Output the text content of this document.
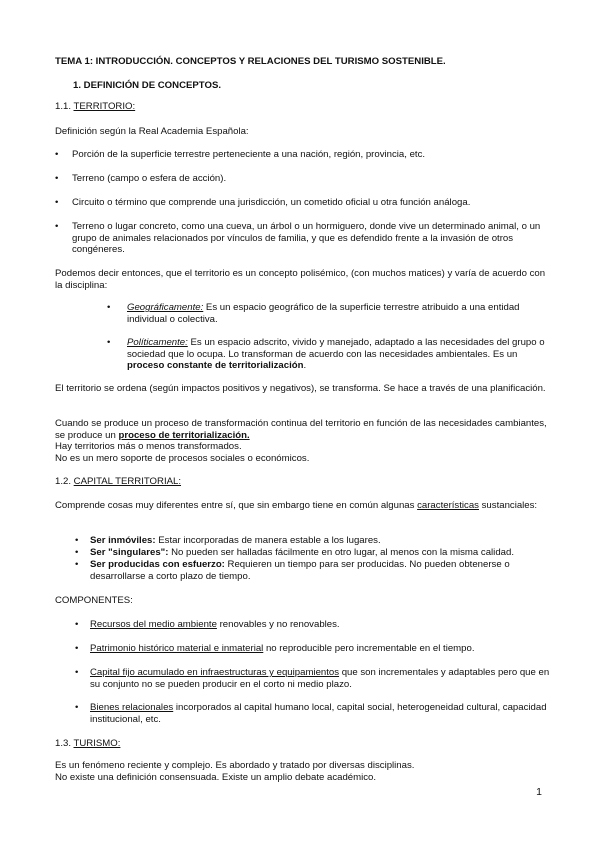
TEMA 1: INTRODUCCIÓN. CONCEPTOS Y RELACIONES DEL TURISMO SOSTENIBLE.

1. DEFINICIÓN DE CONCEPTOS.

1.1. TERRITORIO:

Definición según la Real Academia Española:

• Porción de la superficie terrestre perteneciente a una nación, región, provincia, etc.
• Terreno (campo o esfera de acción).
• Circuito o término que comprende una jurisdicción, un cometido oficial u otra función análoga.
• Terreno o lugar concreto, como una cueva, un árbol o un hormiguero, donde vive un determinado animal, o un grupo de animales relacionados por vínculos de familia, y que es defendido frente a la invasión de otros congéneres.

Podemos decir entonces, que el territorio es un concepto polisémico, (con muchos matices) y varía de acuerdo con la disciplina:

• Geográficamente: Es un espacio geográfico de la superficie terrestre atribuido a una entidad individual o colectiva.
• Políticamente: Es un espacio adscrito, vivido y manejado, adaptado a las necesidades del grupo o sociedad que lo ocupa. Lo transforman de acuerdo con las necesidades ambientales. Es un proceso constante de territorialización.

El territorio se ordena (según impactos positivos y negativos), se transforma. Se hace a través de una planificación.

Cuando se produce un proceso de transformación continua del territorio en función de las necesidades cambiantes, se produce un proceso de territorialización.
Hay territorios más o menos transformados.
No es un mero soporte de procesos sociales o económicos.

1.2. CAPITAL TERRITORIAL:

Comprende cosas muy diferentes entre sí, que sin embargo tiene en común algunas características sustanciales:

• Ser inmóviles: Estar incorporadas de manera estable a los lugares.
• Ser "singulares": No pueden ser halladas fácilmente en otro lugar, al menos con la misma calidad.
• Ser producidas con esfuerzo: Requieren un tiempo para ser producidas. No pueden obtenerse o desarrollarse a corto plazo de tiempo.

COMPONENTES:

• Recursos del medio ambiente renovables y no renovables.
• Patrimonio histórico material e inmaterial no reproducible pero incrementable en el tiempo.
• Capital fijo acumulado en infraestructuras y equipamientos que son incrementales y adaptables pero que en su conjunto no se pueden producir en el corto ni medio plazo.
• Bienes relacionales incorporados al capital humano local, capital social, heterogeneidad cultural, capacidad institucional, etc.

1.3. TURISMO:

Es un fenómeno reciente y complejo. Es abordado y tratado por diversas disciplinas.
No existe una definición consensuada. Existe un amplio debate académico.

1
